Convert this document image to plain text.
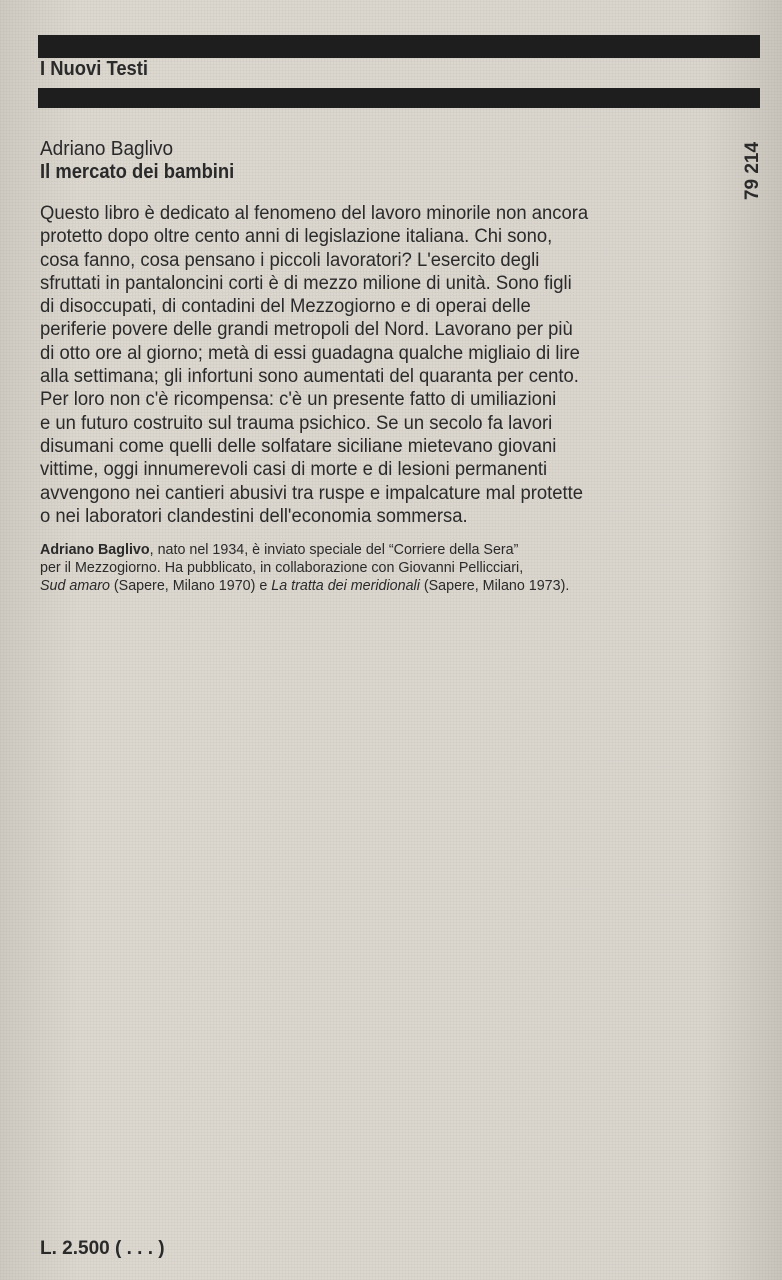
I Nuovi Testi
Adriano Baglivo
Il mercato dei bambini	79 214
Questo libro è dedicato al fenomeno del lavoro minorile non ancora
protetto dopo oltre cento anni di legislazione italiana. Chi sono,
cosa fanno, cosa pensano i piccoli lavoratori? L'esercito degli
sfruttati in pantaloncini corti è di mezzo milione di unità. Sono figli
di disoccupati, di contadini del Mezzogiorno e di operai delle
periferie povere delle grandi metropoli del Nord. Lavorano per più
di otto ore al giorno; metà di essi guadagna qualche migliaio di lire
alla settimana; gli infortuni sono aumentati del quaranta per cento.
Per loro non c'è ricompensa: c'è un presente fatto di umiliazioni
e un futuro costruito sul trauma psichico. Se un secolo fa lavori
disumani come quelli delle solfatare siciliane mietevano giovani
vittime, oggi innumerevoli casi di morte e di lesioni permanenti
avvengono nei cantieri abusivi tra ruspe e impalcature mal protette
o nei laboratori clandestini dell'economia sommersa.
Adriano Baglivo, nato nel 1934, è inviato speciale del “Corriere della Sera”
per il Mezzogiorno. Ha pubblicato, in collaborazione con Giovanni Pellicciari,
Sud amaro (Sapere, Milano 1970) e La tratta dei meridionali (Sapere, Milano 1973).
L. 2.500 ( . . . )
